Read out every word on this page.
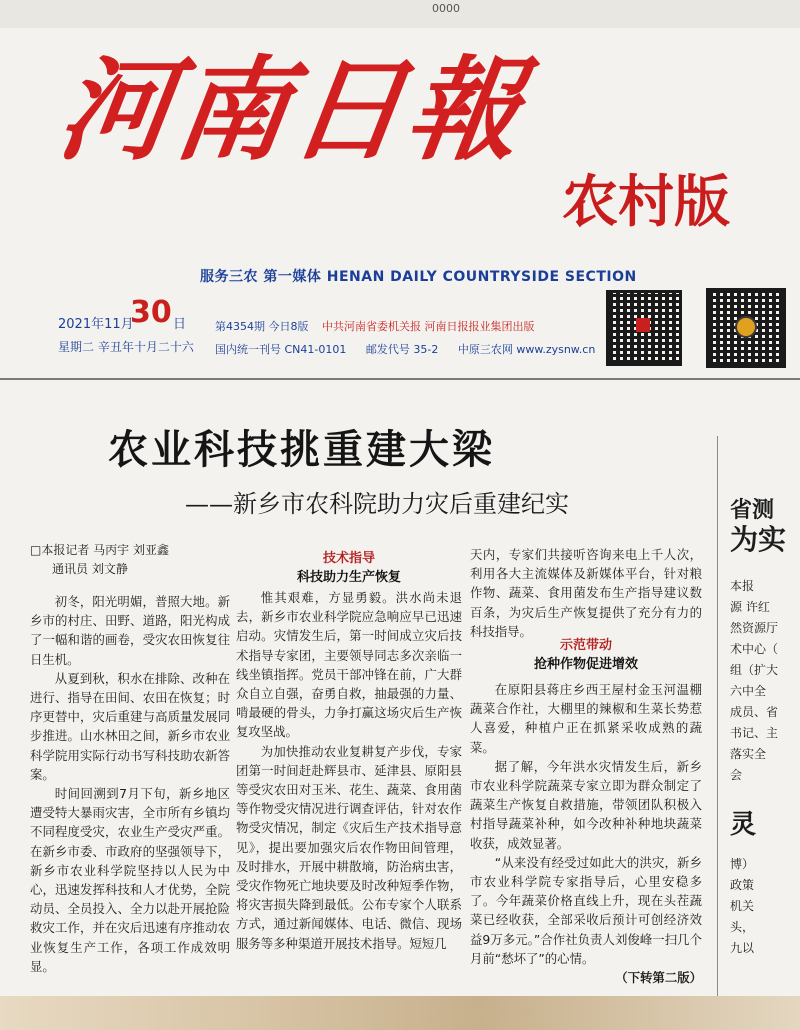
0000
河南日報
农村版
服务三农 第一媒体 HENAN DAILY COUNTRYSIDE SECTION
2021年11月
30 日
星期二 辛丑年十月二十六
第4354期 今日8版 中共河南省委机关报 河南日报报业集团出版
国内统一刊号 CN41-0101 邮发代号 35-2 中原三农网 www.zysnw.cn
农业科技挑重建大梁
——新乡市农科院助力灾后重建纪实
□本报记者 马丙宇 刘亚鑫
通讯员 刘文静

初冬，阳光明媚，普照大地。新乡市的村庄、田野、道路，阳光构成了一幅和谐的画卷，受灾农田恢复往日生机。

从夏到秋，积水在排除、改种在进行、指导在田间、农田在恢复；时序更替中，灾后重建与高质量发展同步推进。山水林田之间，新乡市农业科学院用实际行动书写科技助农新答案。

时间回溯到7月下旬，新乡地区遭受特大暴雨灾害，全市所有乡镇均不同程度受灾，农业生产受灾严重。在新乡市委、市政府的坚强领导下，新乡市农业科学院坚持以人民为中心，迅速发挥科技和人才优势，全院动员、全员投入、全力以赴开展抢险救灾工作，并在灾后迅速有序推动农业恢复生产工作，各项工作成效明显。

技术指导

科技助力生产恢复

惟其艰难，方显勇毅。洪水尚未退去，新乡市农业科学院应急响应早已迅速启动。灾情发生后，第一时间成立灾后技术指导专家团，主要领导同志多次亲临一线坐镇指挥。党员干部冲锋在前，广大群众自立自强，奋勇自救，抽最强的力量、啃最硬的骨头，力争打赢这场灾后生产恢复攻坚战。

为加快推动农业复耕复产步伐，专家团第一时间赶赴辉县市、延津县、原阳县等受灾农田对玉米、花生、蔬菜、食用菌等作物受灾情况进行调查评估，针对农作物受灾情况，制定《灾后生产技术指导意见》，提出要加强灾后农作物田间管理，及时排水，开展中耕散墒，防治病虫害，受灾作物死亡地块要及时改种短季作物，将灾害损失降到最低。公布专家个人联系方式，通过新闻媒体、电话、微信、现场服务等多种渠道开展技术指导。短短几

天内，专家们共接听咨询来电上千人次，利用各大主流媒体及新媒体平台，针对粮作物、蔬菜、食用菌发布生产指导建议数百条，为灾后生产恢复提供了充分有力的科技指导。

示范带动

抢种作物促进增效

在原阳县蒋庄乡西王屋村金玉河温棚蔬菜合作社，大棚里的辣椒和生菜长势惹人喜爱，种植户正在抓紧采收成熟的蔬菜。

据了解，今年洪水灾情发生后，新乡市农业科学院蔬菜专家立即为群众制定了蔬菜生产恢复自救措施，带领团队积极入村指导蔬菜补种，如今改种补种地块蔬菜收获，成效显著。

“从来没有经受过如此大的洪灾，新乡市农业科学院专家指导后，心里安稳多了。今年蔬菜价格直线上升，现在头茬蔬菜已经收获，全部采收后预计可创经济效益9万多元。”合作社负责人刘俊峰一扫几个月前“愁坏了”的心情。

（下转第二版）

省测
为实
本报
源 许红
然资源厅
术中心（
组（扩大
六中全
成员、省
书记、主
落实全
会
灵
博）
政策
机关
头，
九以
…出翻 新 村 作
